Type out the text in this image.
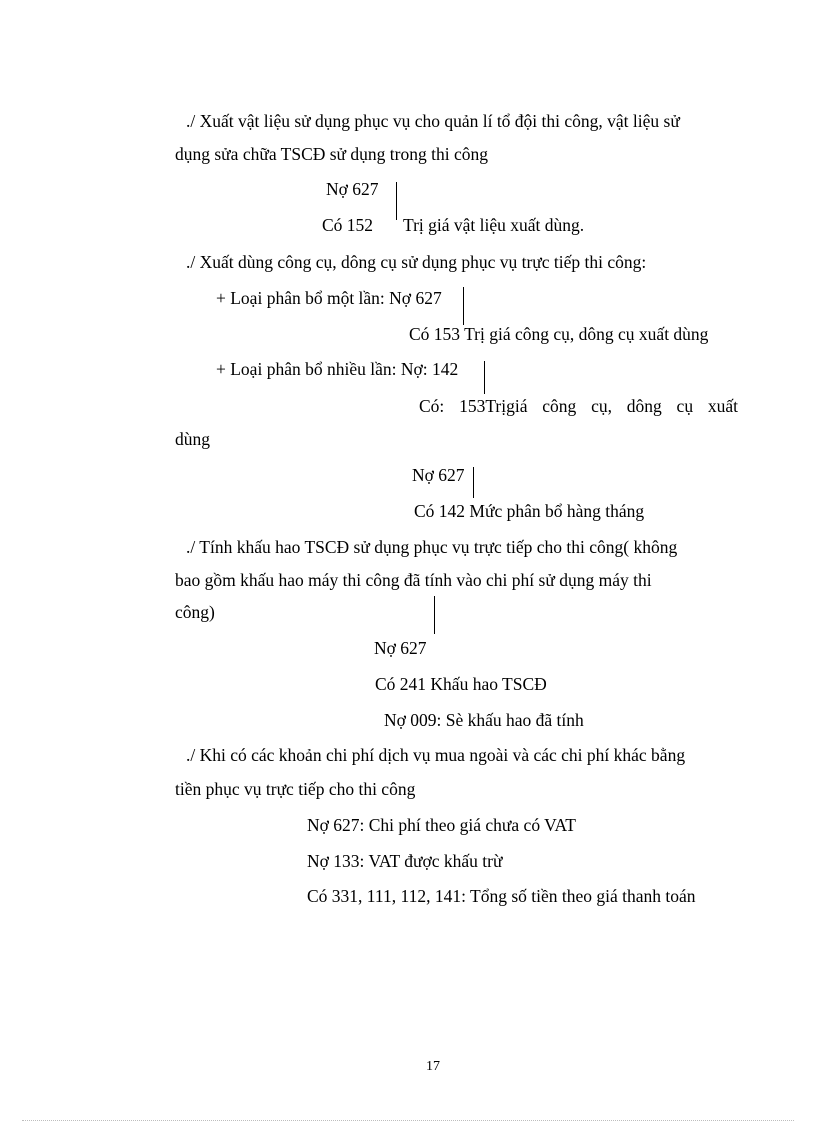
./ Xuất vật liệu sử dụng phục vụ cho quản lí tổ đội thi công, vật liệu sử
dụng sửa chữa TSCĐ sử dụng trong thi công
Nợ 627
Có 152 Trị giá vật liệu xuất dùng.
./ Xuất dùng công cụ, dông cụ sử dụng phục vụ trực tiếp thi công:
+ Loại phân bổ một lần: Nợ 627
Có 153 Trị giá công cụ, dông cụ xuất dùng
+ Loại phân bổ nhiều lần: Nợ: 142
Có: 153Trịgiá công cụ, dông cụ xuất
dùng
Nợ 627
Có 142 Mức phân bổ hàng tháng
./ Tính khấu hao TSCĐ sử dụng phục vụ trực tiếp cho thi công( không
bao gồm khấu hao máy thi công đã tính vào chi phí sử dụng máy thi
công)
Nợ 627
Có 241 Khấu hao TSCĐ
Nợ 009: Sè khấu hao đã tính
./ Khi có các khoản chi phí dịch vụ mua ngoài và các chi phí khác bằng
tiền phục vụ trực tiếp cho thi công
Nợ 627: Chi phí theo giá chưa có VAT
Nợ 133: VAT được khấu trừ
Có 331, 111, 112, 141: Tổng số tiền theo giá thanh toán
17
